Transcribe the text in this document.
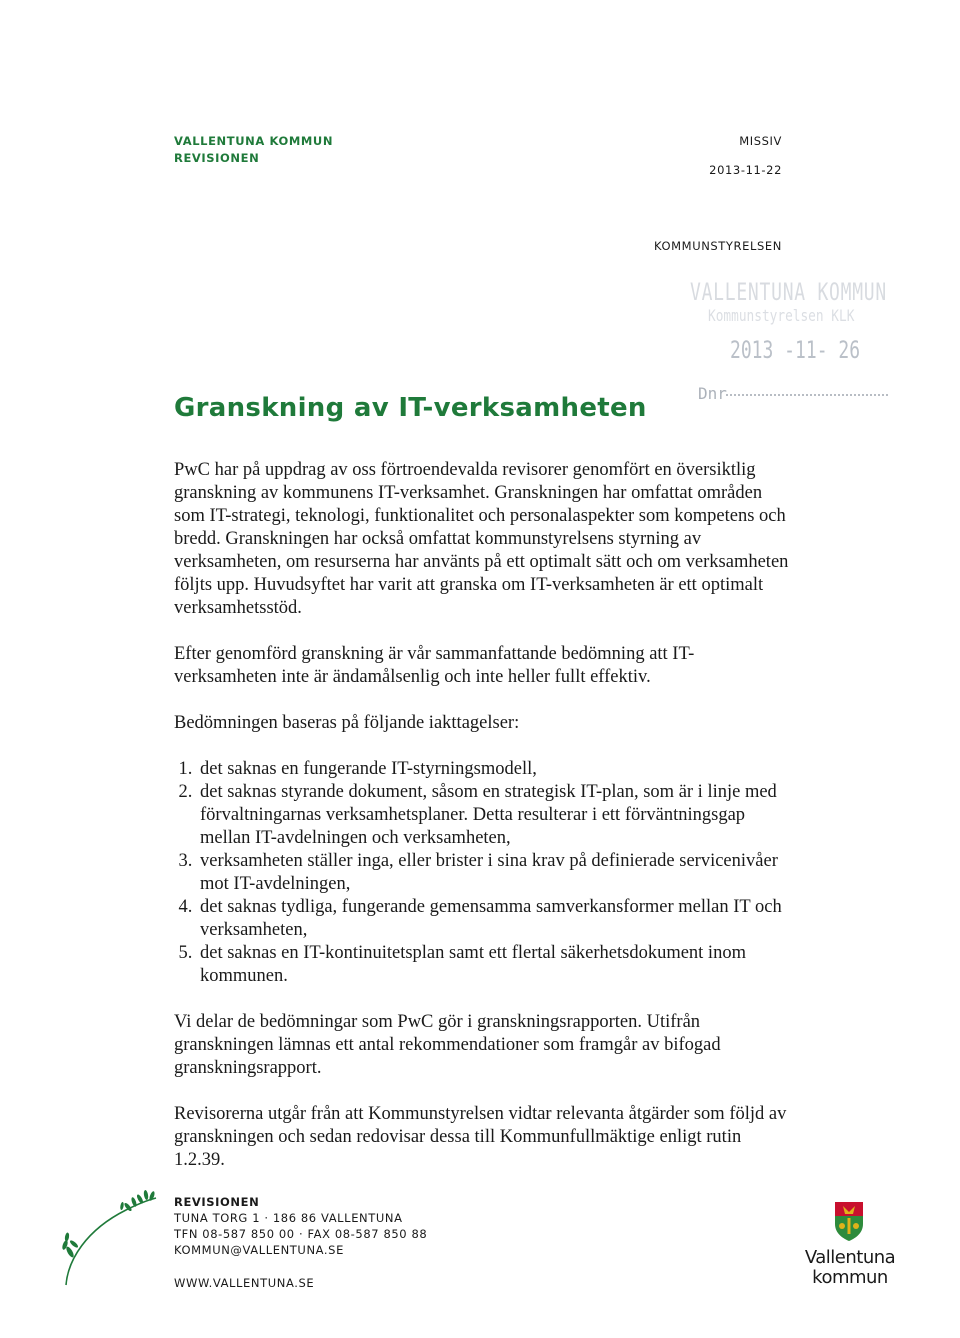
VALLENTUNA KOMMUN
REVISIONEN
MISSIV
2013-11-22
KOMMUNSTYRELSEN
VALLENTUNA KOMMUN
Kommunstyrelsen KLK
2013 -11- 26
Dnr
Granskning av IT-verksamheten

PwC har på uppdrag av oss förtroendevalda revisorer genomfört en översiktlig granskning av kommunens IT-verksamhet. Granskningen har omfattat områden som IT-strategi, teknologi, funktionalitet och personalaspekter som kompetens och bredd. Granskningen har också omfattat kommunstyrelsens styrning av verksamheten, om resurserna har använts på ett optimalt sätt och om verksamheten följts upp. Huvudsyftet har varit att granska om IT-verksamheten är ett optimalt verksamhetsstöd.

Efter genomförd granskning är vår sammanfattande bedömning att IT-verksamheten inte är ändamålsenlig och inte heller fullt effektiv.

Bedömningen baseras på följande iakttagelser:

1. det saknas en fungerande IT-styrningsmodell,
2. det saknas styrande dokument, såsom en strategisk IT-plan, som är i linje med förvaltningarnas verksamhetsplaner. Detta resulterar i ett förväntningsgap mellan IT-avdelningen och verksamheten,
3. verksamheten ställer inga, eller brister i sina krav på definierade servicenivåer mot IT-avdelningen,
4. det saknas tydliga, fungerande gemensamma samverkansformer mellan IT och verksamheten,
5. det saknas en IT-kontinuitetsplan samt ett flertal säkerhetsdokument inom kommunen.

Vi delar de bedömningar som PwC gör i granskningsrapporten. Utifrån granskningen lämnas ett antal rekommendationer som framgår av bifogad granskningsrapport.

Revisorerna utgår från att Kommunstyrelsen vidtar relevanta åtgärder som följd av granskningen och sedan redovisar dessa till Kommunfullmäktige enligt rutin 1.2.39.

REVISIONEN
TUNA TORG 1 · 186 86 VALLENTUNA
TFN 08-587 850 00 · FAX 08-587 850 88
KOMMUN@VALLENTUNA.SE
WWW.VALLENTUNA.SE
Vallentuna
kommun
